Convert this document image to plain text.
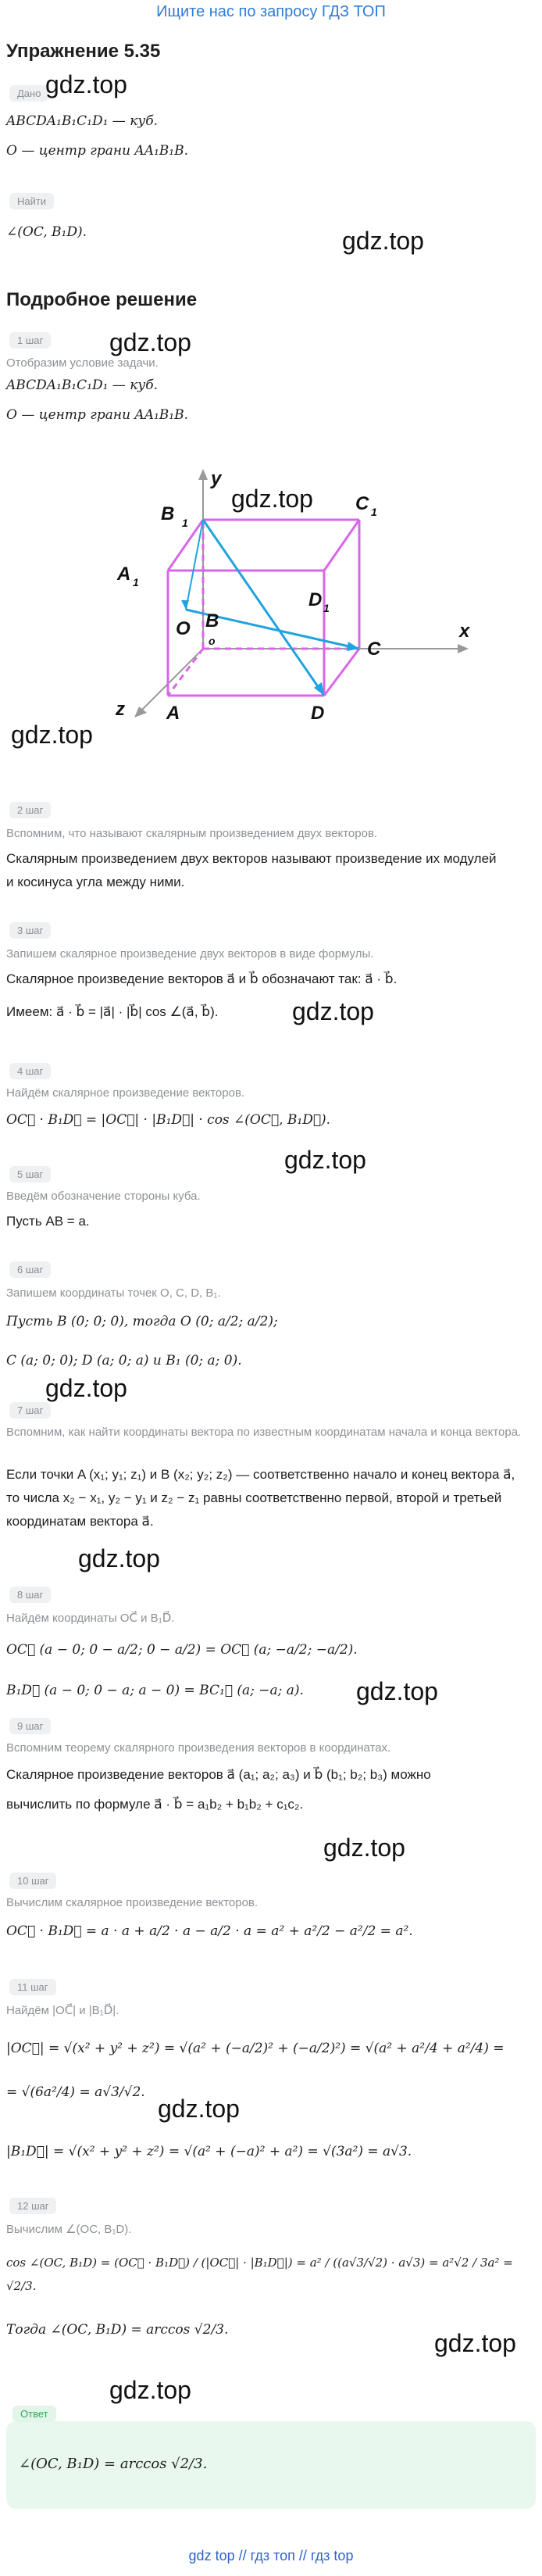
Ищите нас по запросу ГДЗ ТОП
Упражнение 5.35
Дано
ABCDA₁B₁C₁D₁ — куб.
O — центр грани AA₁B₁B.
Найти
∠(OC, B₁D).	gdz.top
gdz.top
Подробное решение
1 шаг
Отобразим условие задачи.
ABCDA₁B₁C₁D₁ — куб.
O — центр грани AA₁B₁B.
gdz.top
y
x
z
B 1
C 1
A 1
D 1
O B
o	C
A	D
gdz.top
gdz.top
2 шаг
Вспомним, что называют скалярным произведением двух векторов.
Скалярным произведением двух векторов называют произведение их модулей и косинуса угла между ними.
3 шаг
Запишем скалярное произведение двух векторов в виде формулы.
Скалярное произведение векторов a⃗ и b⃗ обозначают так: a⃗ · b⃗.
Имеем: a⃗ · b⃗ = |a⃗| · |b⃗| cos ∠(a⃗, b⃗).	gdz.top
4 шаг
Найдём скалярное произведение векторов.
OC⃗ · B₁D⃗ = |OC⃗| · |B₁D⃗| · cos ∠(OC⃗, B₁D⃗).
gdz.top
5 шаг
Введём обозначение стороны куба.
Пусть AB = a.
6 шаг
Запишем координаты точек O, C, D, B₁.
Пусть B (0; 0; 0), тогда O (0; a/2; a/2);
C (a; 0; 0); D (a; 0; a) и B₁ (0; a; 0).
gdz.top
7 шаг
Вспомним, как найти координаты вектора по известным координатам начала и конца вектора.
Если точки A (x₁; y₁; z₁) и B (x₂; y₂; z₂) — соответственно начало и конец вектора a⃗, то числа x₂ − x₁, y₂ − y₁ и z₂ − z₁ равны соответственно первой, второй и третьей координатам вектора a⃗.
gdz.top
8 шаг
Найдём координаты OC⃗ и B₁D⃗.
OC⃗ (a − 0; 0 − a/2; 0 − a/2) = OC⃗ (a; −a/2; −a/2).
B₁D⃗ (a − 0; 0 − a; a − 0) = BC₁⃗ (a; −a; a). gdz.top
9 шаг
Вспомним теорему скалярного произведения векторов в координатах.
Скалярное произведение векторов a⃗ (a₁; a₂; a₃) и b⃗ (b₁; b₂; b₃) можно
вычислить по формуле a⃗ · b⃗ = a₁b₂ + b₁b₂ + c₁c₂.
gdz.top
10 шаг
Вычислим скалярное произведение векторов.
OC⃗ · B₁D⃗ = a · a + a/2 · a − a/2 · a = a² + a²/2 − a²/2 = a².
11 шаг
Найдём |OC⃗| и |B₁D⃗|.
|OC⃗| = √(x² + y² + z²) = √(a² + (−a/2)² + (−a/2)²) = √(a² + a²/4 + a²/4) =
= √(6a²/4) = a√3/√2.
|B₁D⃗| = √(x² + y² + z²) = √(a² + (−a)² + a²) = √(3a²) = a√3.
gdz.top
12 шаг
Вычислим ∠(OC, B₁D).
cos ∠(OC, B₁D) = (OC⃗ · B₁D⃗) / (|OC⃗| · |B₁D⃗|) = a² / ((a√3/√2) · a√3) = a²√2 / 3a² = √2/3.
Тогда ∠(OC, B₁D) = arccos √2/3.	gdz.top
gdz.top
Ответ
∠(OC, B₁D) = arccos √2/3.
gdz top // гдз топ // гдз top
